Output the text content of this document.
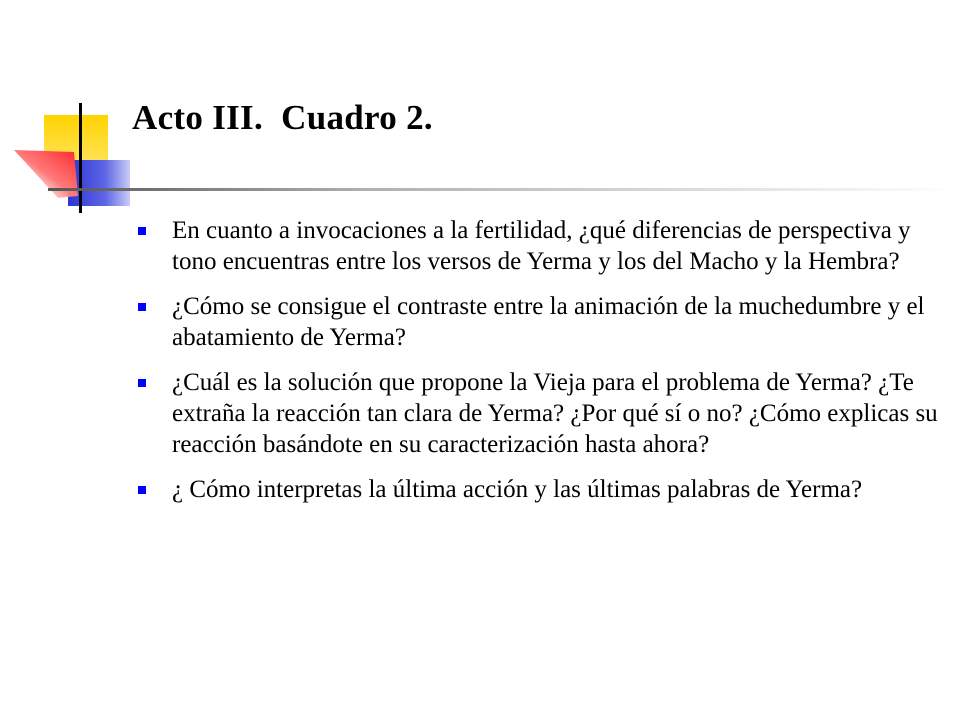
Acto III.  Cuadro 2.
En cuanto a invocaciones a la fertilidad, ¿qué diferencias de perspectiva y tono encuentras entre los versos de Yerma y los del Macho y la Hembra?
¿Cómo se consigue el contraste entre la animación de la muchedumbre y el abatamiento de Yerma?
¿Cuál es la solución que propone la Vieja para el problema de Yerma? ¿Te extraña la reacción tan clara de Yerma? ¿Por qué sí o no? ¿Cómo explicas su reacción basándote en su caracterización hasta ahora?
¿ Cómo interpretas la última acción y las últimas palabras de Yerma?
